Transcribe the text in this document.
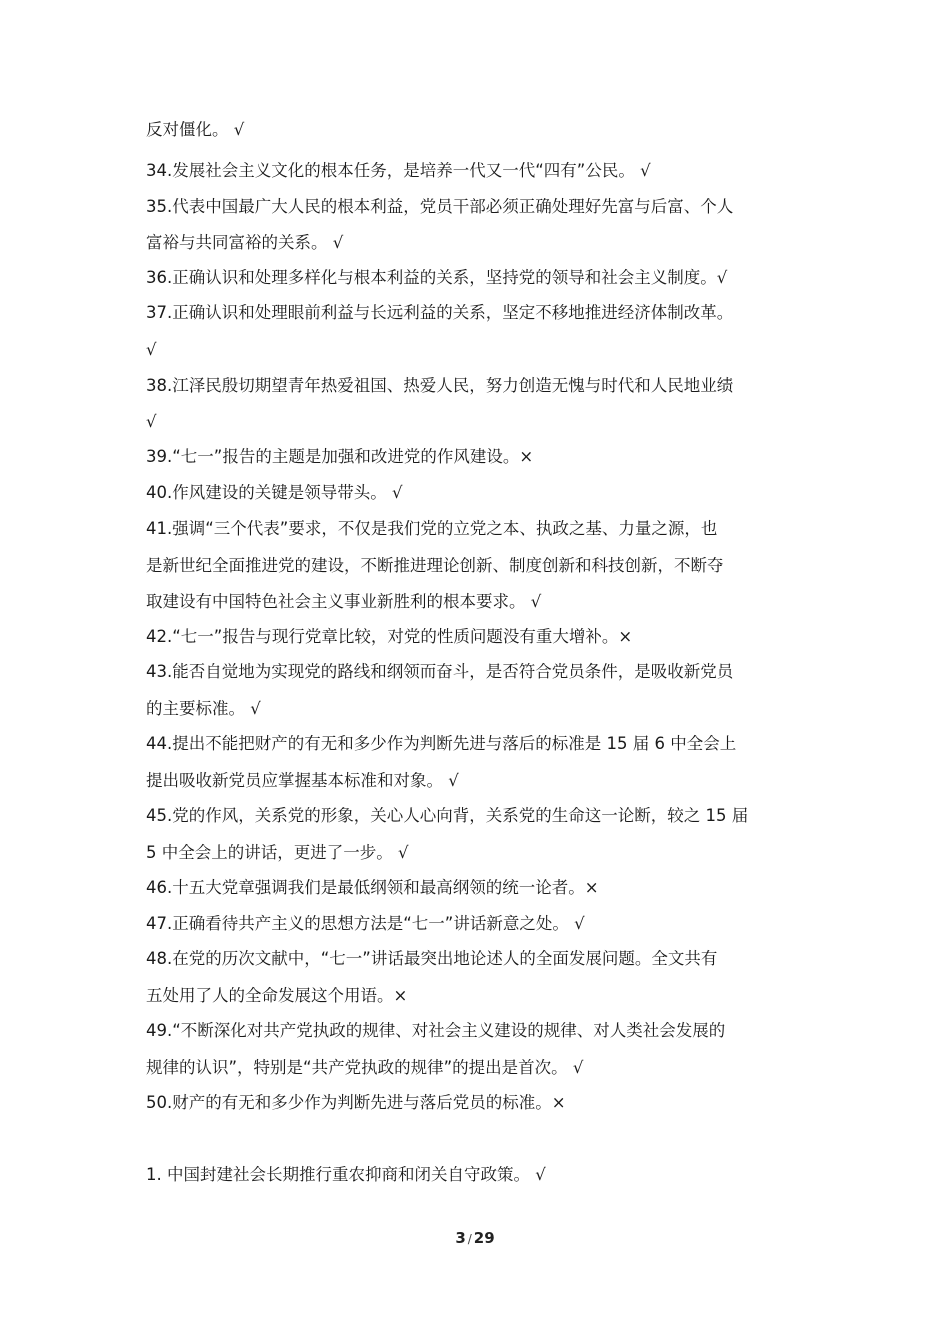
反对僵化。 √
34.发展社会主义文化的根本任务，是培养一代又一代“四有”公民。 √
35.代表中国最广大人民的根本利益，党员干部必须正确处理好先富与后富、个人
富裕与共同富裕的关系。 √
36.正确认识和处理多样化与根本利益的关系，坚持党的领导和社会主义制度。√
37.正确认识和处理眼前利益与长远利益的关系，坚定不移地推进经济体制改革。
√
38.江泽民殷切期望青年热爱祖国、热爱人民，努力创造无愧与时代和人民地业绩
√
39.“七一”报告的主题是加强和改进党的作风建设。×
40.作风建设的关键是领导带头。 √
41.强调“三个代表”要求，不仅是我们党的立党之本、执政之基、力量之源，也
是新世纪全面推进党的建设，不断推进理论创新、制度创新和科技创新，不断夺
取建设有中国特色社会主义事业新胜利的根本要求。 √
42.“七一”报告与现行党章比较，对党的性质问题没有重大增补。×
43.能否自觉地为实现党的路线和纲领而奋斗，是否符合党员条件，是吸收新党员
的主要标准。 √
44.提出不能把财产的有无和多少作为判断先进与落后的标准是 15 届 6 中全会上
提出吸收新党员应掌握基本标准和对象。 √
45.党的作风，关系党的形象，关心人心向背，关系党的生命这一论断，较之 15 届
5 中全会上的讲话，更进了一步。 √
46.十五大党章强调我们是最低纲领和最高纲领的统一论者。×
47.正确看待共产主义的思想方法是“七一”讲话新意之处。 √
48.在党的历次文献中，“七一”讲话最突出地论述人的全面发展问题。全文共有
五处用了人的全命发展这个用语。×
49.“不断深化对共产党执政的规律、对社会主义建设的规律、对人类社会发展的
规律的认识”，特别是“共产党执政的规律”的提出是首次。 √
50.财产的有无和多少作为判断先进与落后党员的标准。×
1. 中国封建社会长期推行重农抑商和闭关自守政策。 √
3 / 29
